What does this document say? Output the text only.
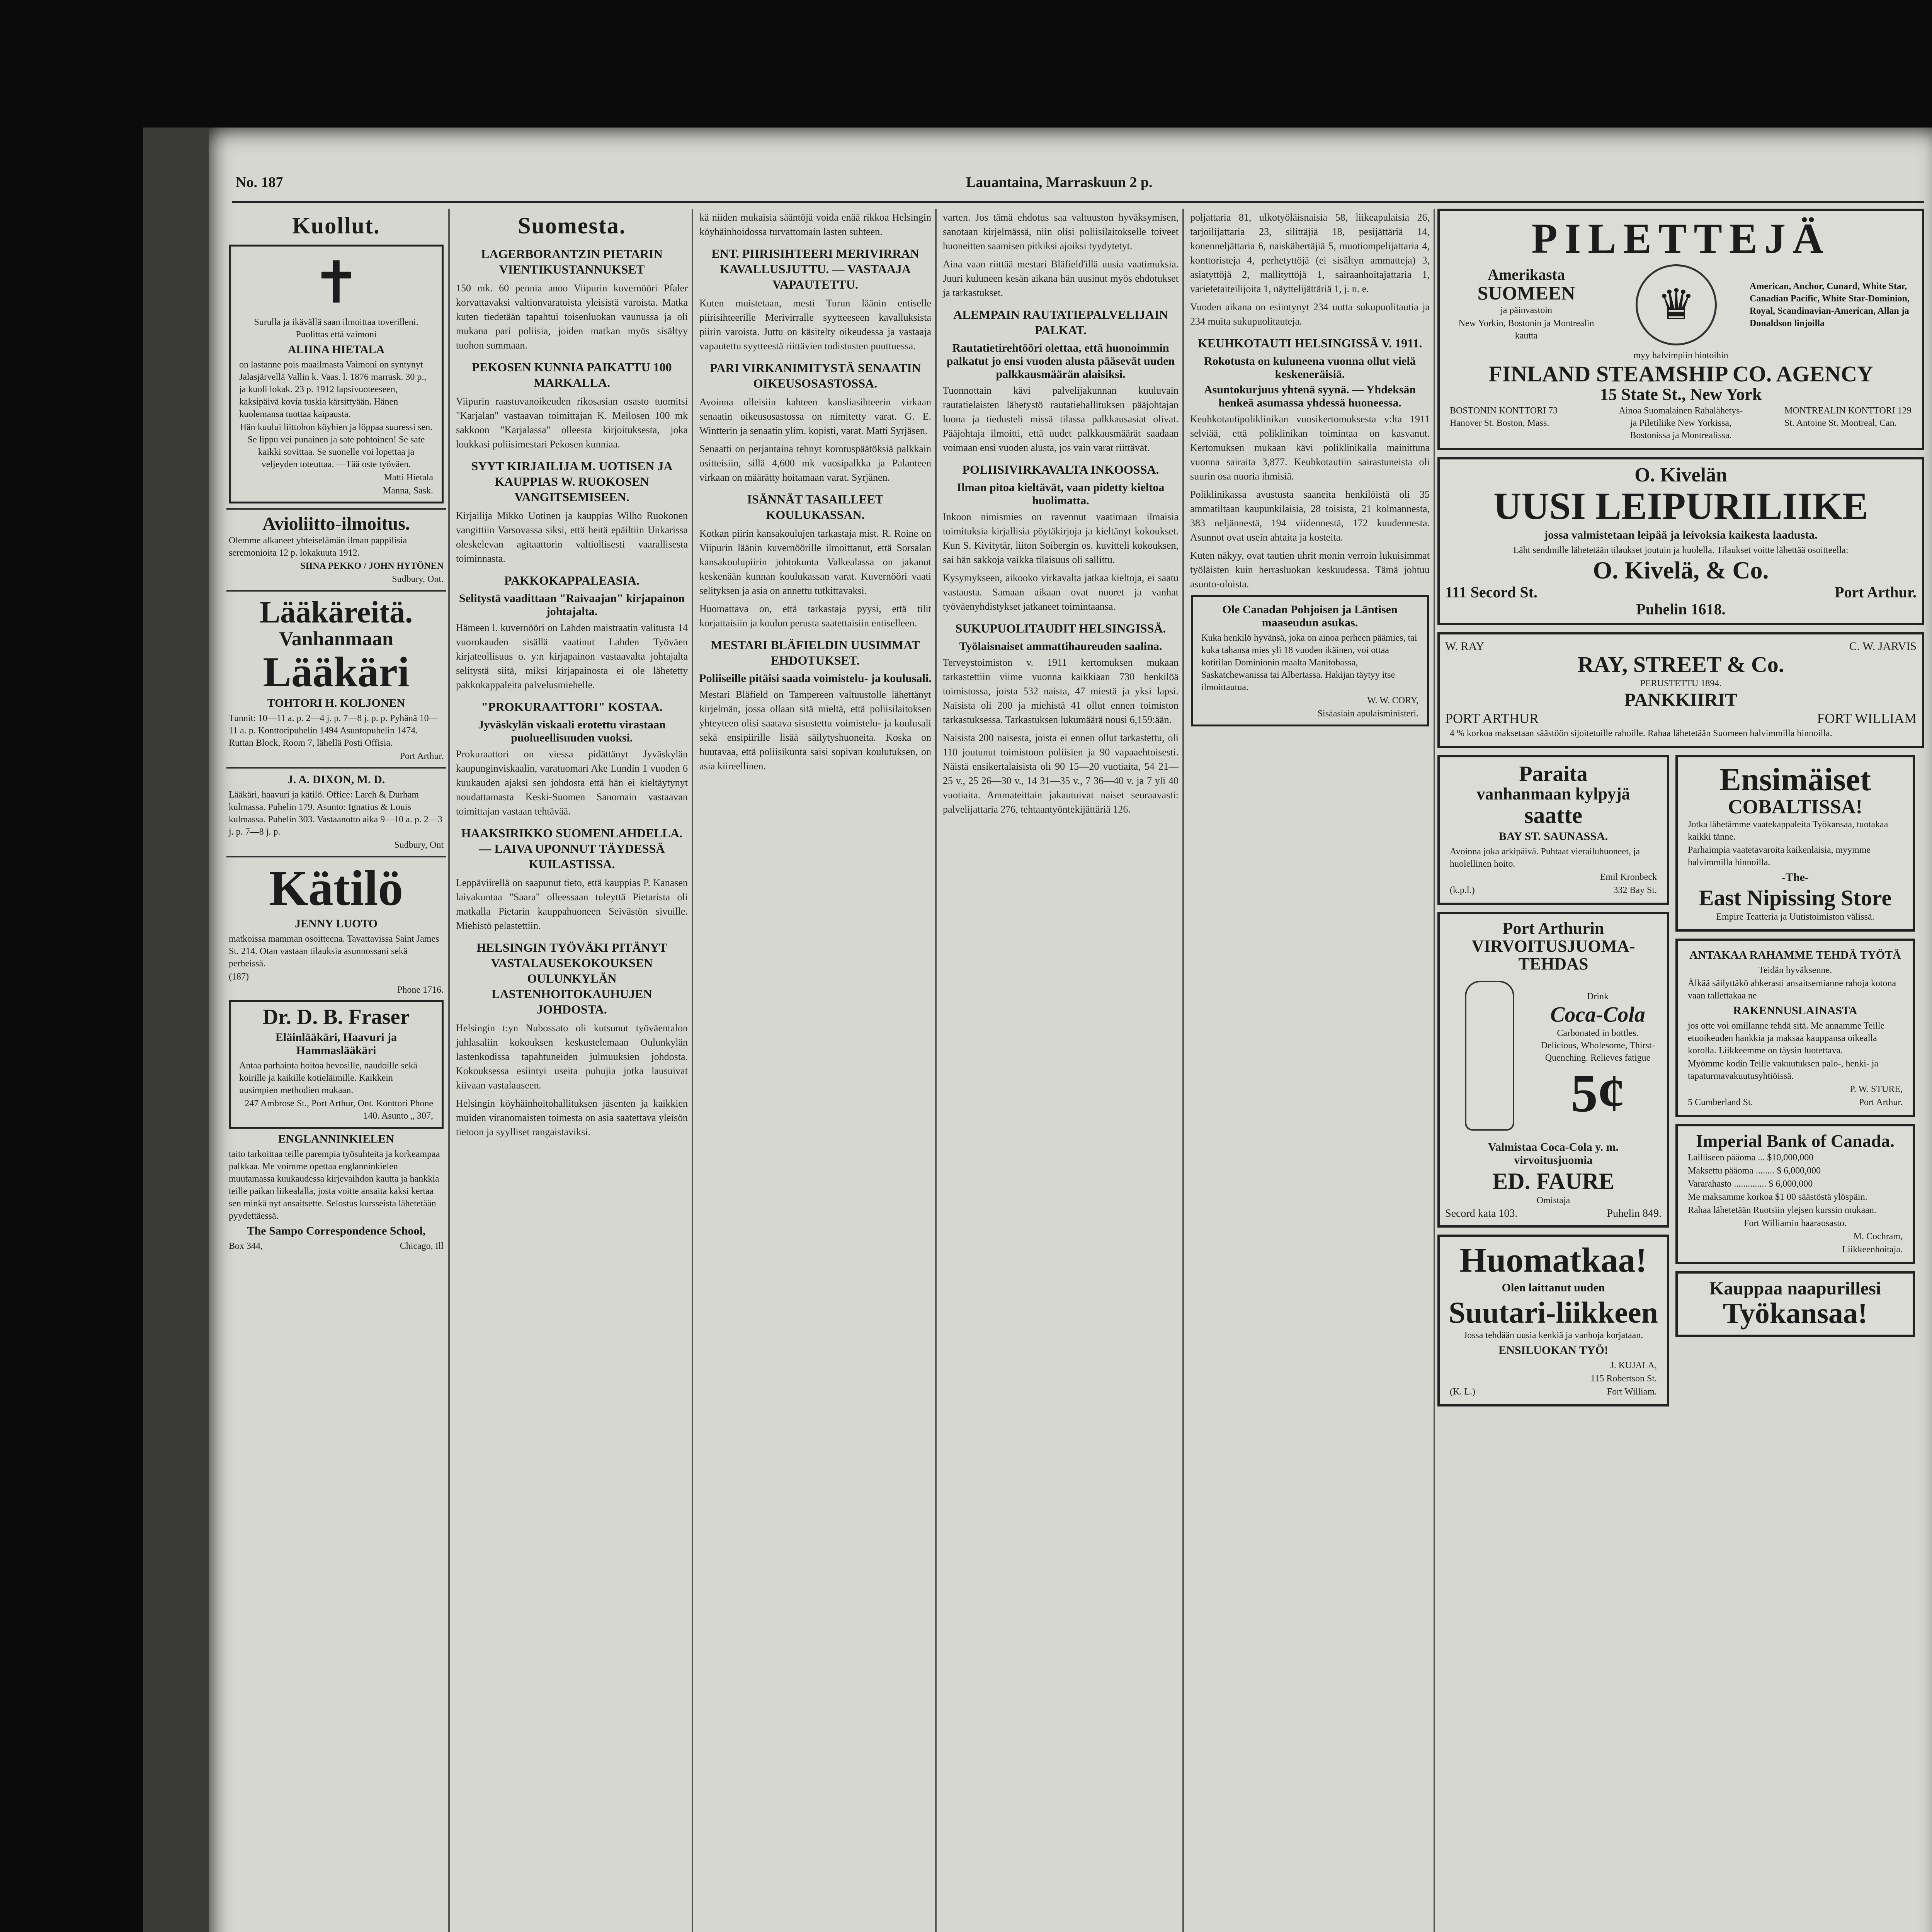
No. 187	Lauantaina, Marraskuun 2 p.
Kuollut.
✝
Surulla ja ikävällä saan ilmoittaa toverilleni. Puolittas että vaimoni
ALIINA HIETALA
on lastanne pois maailmasta Vaimoni on syntynyt Jalasjärvellä Vallin k. Vaas. l. 1876 marrask. 30 p., ja kuoli lokak. 23 p. 1912 lapsivuoteeseen, kaksipäivä kovia tuskia kärsittyään. Hänen kuolemansa tuottaa kaipausta.
Hän kuului liittohon köyhien ja löppaa suuressi sen. Se lippu vei punainen ja sate pohtoinen! Se sate kaikki sovittaa. Se suonelle voi lopettaa ja veljeyden toteuttaa. —Tää oste työväen.
Matti Hietala
Manna, Sask.
Avioliitto-ilmoitus.
Olemme alkaneet yhteiselämän ilman pappilisia seremonioita 12 p. lokakuuta 1912.
SIINA PEKKO / JOHN HYTÖNEN
Sudbury, Ont.
Lääkäreitä.
Vanhanmaan
Lääkäri
TOHTORI H. KOLJONEN
Tunnit: 10—11 a. p. 2—4 j. p. 7—8 j. p. p. Pyhänä 10—11 a. p. Konttoripuhelin 1494 Asuntopuhelin 1474. Ruttan Block, Room 7, lähellä Posti Offisia.
Port Arthur.
J. A. DIXON, M. D.
Lääkäri, haavuri ja kätilö. Office: Larch & Durham kulmassa. Puhelin 179. Asunto: Ignatius & Louis kulmassa. Puhelin 303. Vastaanotto aika 9—10 a. p. 2—3 j. p. 7—8 j. p.
Sudbury, Ont
Kätilö
JENNY LUOTO
matkoissa mamman osoitteena. Tavattavissa Saint James St. 214. Otan vastaan tilauksia asunnossani sekä perheissä.
(187)
Phone 1716.
Dr. D. B. Fraser
Eläinlääkäri, Haavuri ja Hammaslääkäri
Antaa parhainta hoitoa hevosille, naudoille sekä koirille ja kaikille kotieläimille. Kaikkein uusimpien methodien mukaan.
247 Ambrose St., Port Arthur, Ont. Konttori Phone 140. Asunto „ 307,
ENGLANNINKIELEN
taito tarkoittaa teille parempia työsuhteita ja korkeampaa palkkaa. Me voimme opettaa englanninkielen muutamassa kuukaudessa kirjevaihdon kautta ja hankkia teille paikan liikealalla, josta voitte ansaita kaksi kertaa sen minkä nyt ansaitsette. Selostus kursseista lähetetään pyydettäessä.
The Sampo Correspondence School,
Box 344,	Chicago, Ill
Suomesta.
LAGERBORANTZIN PIETARIN VIENTIKUSTANNUKSET
150 mk. 60 pennia anoo Viipurin kuvernööri Pfaler korvattavaksi valtionvaratoista yleisistä varoista. Matka kuten tiedetään tapahtui toisenluokan vaunussa ja oli mukana pari poliisia, joiden matkan myös sisältyy tuohon summaan.
PEKOSEN KUNNIA PAIKATTU 100 MARKALLA.
Viipurin raastuvanoikeuden rikosasian osasto tuomitsi "Karjalan" vastaavan toimittajan K. Meilosen 100 mk sakkoon "Karjalassa" olleesta kirjoituksesta, joka loukkasi poliisimestari Pekosen kunniaa.
SYYT KIRJAILIJA M. UOTISEN JA KAUPPIAS W. RUOKOSEN VANGITSEMISEEN.
Kirjailija Mikko Uotinen ja kauppias Wilho Ruokonen vangittiin Varsovassa siksi, että heitä epäiltiin Unkarissa oleskelevan agitaattorin valtiollisesti vaarallisesta toiminnasta.
PAKKOKAPPALEASIA.
Selitystä vaadittaan "Raivaajan" kirjapainon johtajalta.
Hämeen l. kuvernööri on Lahden maistraatin valitusta 14 vuorokauden sisällä vaatinut Lahden Työväen kirjateollisuus o. y:n kirjapainon vastaavalta johtajalta selitystä siitä, miksi kirjapainosta ei ole lähetetty pakkokappaleita palvelusmiehelle.
"PROKURAATTORI" KOSTAA.
Jyväskylän viskaali erotettu virastaan puolueellisuuden vuoksi.
Prokuraattori on viessa pidättänyt Jyväskylän kaupunginviskaalin, varatuomari Ake Lundin 1 vuoden 6 kuukauden ajaksi sen johdosta että hän ei kieltäytynyt noudattamasta Keski-Suomen Sanomain vastaavan toimittajan vastaan tehtävää.
HAAKSIRIKKO SUOMENLAHDELLA. — LAIVA UPONNUT TÄYDESSÄ KUILASTISSA.
Leppäviirellä on saapunut tieto, että kauppias P. Kanasen laivakuntaa "Saara" olleessaan tuleyttä Pietarista oli matkalla Pietarin kauppahuoneen Seivästön sivuille. Miehistö pelastettiin.
HELSINGIN TYÖVÄKI PITÄNYT VASTALAUSEKOKOUKSEN OULUNKYLÄN LASTENHOITOKAUHUJEN JOHDOSTA.
Helsingin t:yn Nubossato oli kutsunut työväentalon juhlasaliin kokouksen keskustelemaan Oulunkylän lastenkodissa tapahtuneiden julmuuksien johdosta. Kokouksessa esiintyi useita puhujia jotka lausuivat kiivaan vastalauseen.
Helsingin köyhäinhoitohallituksen jäsenten ja kaikkien muiden viranomaisten toimesta on asia saatettava yleisön tietoon ja syylliset rangaistaviksi.
kä niiden mukaisia sääntöjä voida enää rikkoa Helsingin köyhäinhoidossa turvattomain lasten suhteen.
ENT. PIIRISIHTEERI MERIVIRRAN KAVALLUSJUTTU. — VASTAAJA VAPAUTETTU.
Kuten muistetaan, mesti Turun läänin entiselle piirisihteerille Merivirralle syytteeseen kavalluksista piirin varoista. Juttu on käsitelty oikeudessa ja vastaaja vapautettu syytteestä riittävien todistusten puuttuessa.
PARI VIRKANIMITYSTÄ SENAATIN OIKEUSOSASTOSSA.
Avoinna olleisiin kahteen kansliasihteerin virkaan senaatin oikeusosastossa on nimitetty varat. G. E. Wintterin ja senaatin ylim. kopisti, varat. Matti Syrjäsen.
Senaatti on perjantaina tehnyt korotuspäätöksiä palkkain ositteisiin, sillä 4,600 mk vuosipalkka ja Palanteen virkaan on määrätty hoitamaan varat. Syrjänen.
ISÄNNÄT TASAILLEET KOULUKASSAN.
Kotkan piirin kansakoulujen tarkastaja mist. R. Roine on Viipurin läänin kuvernöörille ilmoittanut, että Sorsalan kansakoulupiirin johtokunta Valkealassa on jakanut keskenään kunnan koulukassan varat. Kuvernööri vaati selityksen ja asia on annettu tutkittavaksi.
Huomattava on, että tarkastaja pyysi, että tilit korjattaisiin ja koulun perusta saatettaisiin entiselleen.
MESTARI BLÄFIELDIN UUSIMMAT EHDOTUKSET.
Poliiseille pitäisi saada voimistelu- ja koulusali.
Mestari Bläfield on Tampereen valtuustolle lähettänyt kirjelmän, jossa ollaan sitä mieltä, että poliisilaitoksen yhteyteen olisi saatava sisustettu voimistelu- ja koulusali sekä ensipiirille lisää säilytyshuoneita. Koska on huutavaa, että poliisikunta saisi sopivan koulutuksen, on asia kiireellinen.
varten. Jos tämä ehdotus saa valtuuston hyväksymisen, sanotaan kirjelmässä, niin olisi poliisilaitokselle toiveet huoneitten saamisen pitkiksi ajoiksi tyydytetyt.
Aina vaan riittää mestari Bläfield'illä uusia vaatimuksia. Juuri kuluneen kesän aikana hän uusinut myös ehdotukset ja tarkastukset.
ALEMPAIN RAUTATIEPALVELIJAIN PALKAT.
Rautatietirehtööri olettaa, että huonoimmin palkatut jo ensi vuoden alusta pääsevät uuden palkkausmäärän alaisiksi.
Tuonnottain kävi palvelijakunnan kuuluvain rautatielaisten lähetystö rautatiehallituksen pääjohtajan luona ja tiedusteli missä tilassa palkkausasiat olivat. Pääjohtaja ilmoitti, että uudet palkkausmäärät saadaan voimaan ensi vuoden alusta, jos vain varat riittävät.
POLIISIVIRKAVALTA INKOOSSA.
Ilman pitoa kieltävät, vaan pidetty kieltoa huolimatta.
Inkoon nimismies on ravennut vaatimaan ilmaisia toimituksia kirjallisia pöytäkirjoja ja kieltänyt kokoukset. Kun S. Kivitytär, liiton Soibergin os. kuvitteli kokouksen, sai hän sakkoja vaikka tilaisuus oli sallittu.
Kysymykseen, aikooko virkavalta jatkaa kieltoja, ei saatu vastausta. Samaan aikaan ovat nuoret ja vanhat työväenyhdistykset jatkaneet toimintaansa.
SUKUPUOLITAUDIT HELSINGISSÄ.
Työlaisnaiset ammattihaureuden saalina.
Terveystoimiston v. 1911 kertomuksen mukaan tarkastettiin viime vuonna kaikkiaan 730 henkilöä toimistossa, joista 532 naista, 47 miestä ja yksi lapsi. Naisista oli 200 ja miehistä 41 ollut ennen toimiston tarkastuksessa. Tarkastuksen lukumäärä nousi 6,159:ään.
Naisista 200 naisesta, joista ei ennen ollut tarkastettu, oli 110 joutunut toimistoon poliisien ja 90 vapaaehtoisesti. Näistä ensikertalaisista oli 90 15—20 vuotiaita, 54 21—25 v., 25 26—30 v., 14 31—35 v., 7 36—40 v. ja 7 yli 40 vuotiaita. Ammateittain jakautuivat naiset seuraavasti: palvelijattaria 276, tehtaantyöntekijättäriä 126.
poljattaria 81, ulkotyöläisnaisia 58, liikeapulaisia 26, tarjoilijattaria 23, silittäjiä 18, pesijättäriä 14, konenneljättaria 6, naiskähertäjiä 5, muotiompelijattaria 4, konttoristeja 4, perhetyttöjä (ei sisältyn ammatteja) 3, asiatyttöjä 2, mallityttöjä 1, sairaanhoitajattaria 1, varietetaiteilijoita 1, näyttelijättäriä 1, j. n. e.
Vuoden aikana on esiintynyt 234 uutta sukupuolitautia ja 234 muita sukupuolitauteja.
KEUHKOTAUTI HELSINGISSÄ V. 1911.
Rokotusta on kuluneena vuonna ollut vielä keskeneräisiä.
Asuntokurjuus yhtenä syynä. — Yhdeksän henkeä asumassa yhdessä huoneessa.
Keuhkotautipoliklinikan vuosikertomuksesta v:lta 1911 selviää, että poliklinikan toimintaa on kasvanut. Kertomuksen mukaan kävi poliklinikalla mainittuna vuonna sairaita 3,877. Keuhkotautiin sairastuneista oli suurin osa nuoria ihmisiä.
Poliklinikassa avustusta saaneita henkilöistä oli 35 ammatiltaan kaupunkilaisia, 28 toisista, 21 kolmannesta, 383 neljännestä, 194 viidennestä, 172 kuudennesta. Asunnot ovat usein ahtaita ja kosteita.
Kuten näkyy, ovat tautien uhrit monin verroin lukuisimmat työläisten kuin herrasluokan keskuudessa. Tämä johtuu asunto-oloista.
Ole Canadan Pohjoisen ja Läntisen maaseudun asukas.
Kuka henkilö hyvänsä, joka on ainoa perheen päämies, tai kuka tahansa mies yli 18 vuoden ikäinen, voi ottaa kotitilan Dominionin maalta Manitobassa, Saskatchewanissa tai Albertassa. Hakijan täytyy itse ilmoittautua.
W. W. CORY,
Sisäasiain apulaisministeri.
PILETTEJÄ
Amerikasta
SUOMEEN
ja päinvastoin
New Yorkin, Bostonin ja Montrealin kautta
♛	American, Anchor, Cunard, White Star, Canadian Pacific, White Star-Dominion, Royal, Scandinavian-American, Allan ja Donaldson linjoilla
myy halvimpiin hintoihin
FINLAND STEAMSHIP CO. AGENCY
15 State St., New York
BOSTONIN KONTTORI 73 Hanover St. Boston, Mass.
Ainoa Suomalainen Rahalähetys- ja Piletiliike New Yorkissa, Bostonissa ja Montrealissa.
MONTREALIN KONTTORI 129 St. Antoine St. Montreal, Can.
O. Kivelän
UUSI LEIPURILIIKE
jossa valmistetaan leipää ja leivoksia kaikesta laadusta.
Läht sendmille lähetetään tilaukset joutuin ja huolella. Tilaukset voitte lähettää osoitteella:
O. Kivelä, & Co.
111 Secord St.	Port Arthur.
Puhelin 1618.
W. RAY	C. W. JARVIS
RAY, STREET & Co.
PERUSTETTU 1894.
PANKKIIRIT
PORT ARTHUR	FORT WILLIAM
4 % korkoa maksetaan säästöön sijoitetuille rahoille. Rahaa lähetetään Suomeen halvimmilla hinnoilla.
Paraita
vanhanmaan kylpyjä
saatte
BAY ST. SAUNASSA.
Avoinna joka arkipäivä. Puhtaat vierailuhuoneet, ja huolellinen hoito.
Emil Kronbeck
(k.p.l.)	332 Bay St.
Port Arthurin
VIRVOITUSJUOMA-TEHDAS
Drink
Coca-Cola
Carbonated in bottles. Delicious, Wholesome, Thirst-Quenching. Relieves fatigue
5¢
Valmistaa Coca-Cola y. m. virvoitusjuomia
ED. FAURE
Omistaja
Secord kata 103.	Puhelin 849.
Huomatkaa!
Olen laittanut uuden
Suutari-liikkeen
Jossa tehdään uusia kenkiä ja vanhoja korjataan.
ENSILUOKAN TYÖ!
J. KUJALA,
115 Robertson St.
(K. L.)	Fort William.
Ensimäiset
COBALTISSA!
Jotka lähetämme vaatekappaleita Työkansaa, tuotakaa kaikki tänne.
Parhaimpia vaatetavaroita kaikenlaisia, myymme halvimmilla hinnoilla.
-The-
East Nipissing Store
Empire Teatteria ja Uutistoimiston välissä.
ANTAKAA RAHAMME TEHDÄ TYÖTÄ
Teidän hyväksenne.
Älkää säilyttäkö ahkerasti ansaitsemianne rahoja kotona vaan tallettakaa ne
RAKENNUSLAINASTA
jos otte voi omillanne tehdä sitä. Me annamme Teille etuoikeuden hankkia ja maksaa kauppansa oikealla korolla. Liikkeemme on täysin luotettava.
Myömme kodin Teille vakuutuksen palo-, henki- ja tapaturmavakuutusyhtiöissä.
P. W. STURE,
5 Cumberland St.	Port Arthur.
Imperial Bank of Canada.
Lailliseen pääoma ... $10,000,000
Maksettu pääoma ........ $ 6,000,000
Vararahasto .............. $ 6,000,000
Me maksamme korkoa $1 00 säästöstä ylöspäin.
Rahaa lähetetään Ruotsiin ylejsen kurssin mukaan.
Fort Williamin haaraosasto.
M. Cochram,
Liikkeenhoitaja.
Kauppaa naapurillesi
Työkansaa!
